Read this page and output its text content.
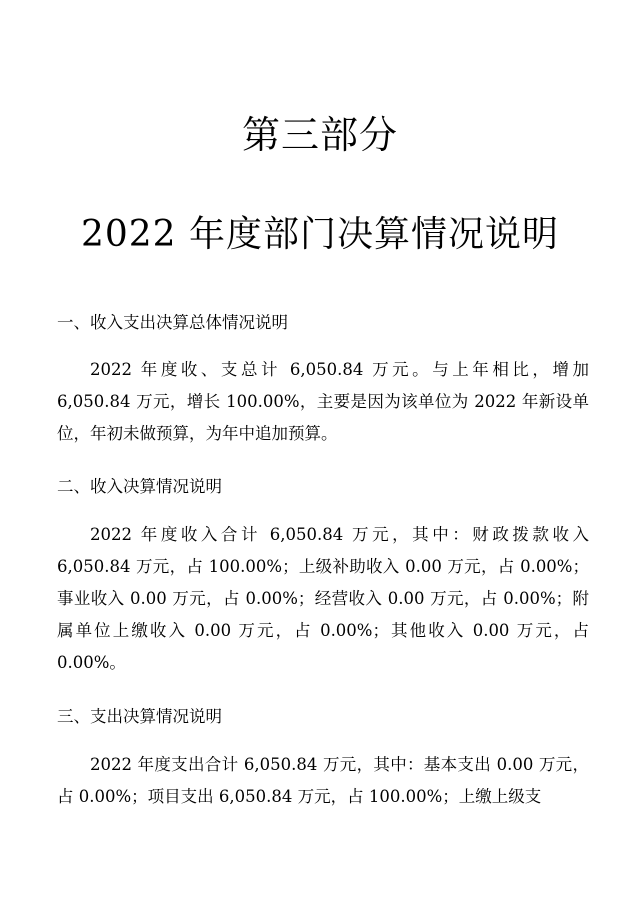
第三部分
2022 年度部门决算情况说明
一、收入支出决算总体情况说明

2022 年度收、支总计 6,050.84 万元。与上年相比，增加 6,050.84 万元，增长 100.00%，主要是因为该单位为 2022 年新设单位，年初未做预算，为年中追加预算。

二、收入决算情况说明

2022 年度收入合计 6,050.84 万元，其中：财政拨款收入 6,050.84 万元，占 100.00%；上级补助收入 0.00 万元，占 0.00%；事业收入 0.00 万元，占 0.00%；经营收入 0.00 万元，占 0.00%；附属单位上缴收入 0.00 万元，占 0.00%；其他收入 0.00 万元，占 0.00%。

三、支出决算情况说明

2022 年度支出合计 6,050.84 万元，其中：基本支出 0.00 万元，占 0.00%；项目支出 6,050.84 万元，占 100.00%；上缴上级支
